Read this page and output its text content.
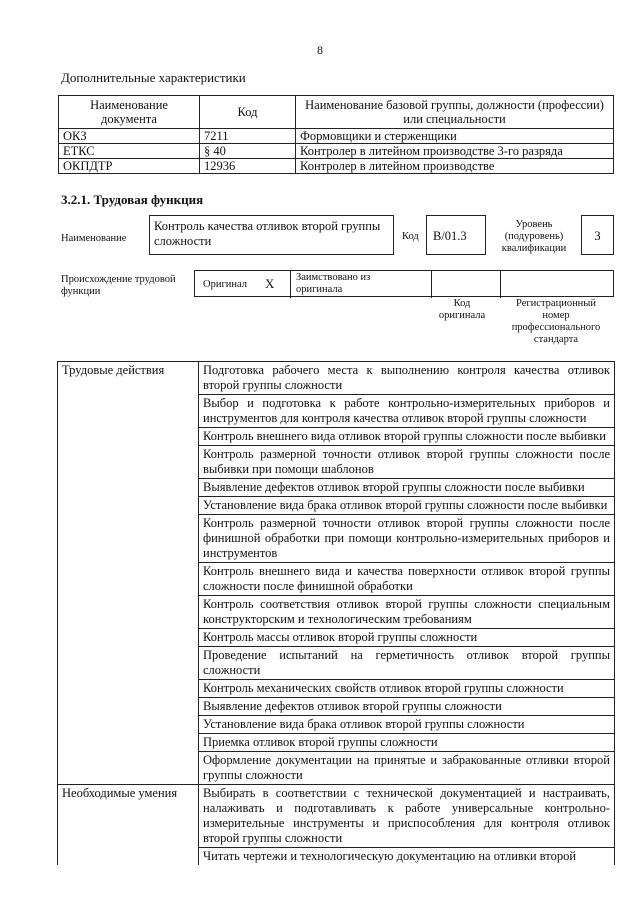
8
Дополнительные характеристики
Наименование документа	Код	Наименование базовой группы, должности (профессии) или специальности
ОКЗ	7211	Формовщики и стерженщики
ЕТКС	§ 40	Контролер в литейном производстве 3-го разряда
ОКПДТР	12936	Контролер в литейном производстве
3.2.1. Трудовая функция
Наименование
Контроль качества отливок второй группы сложности	Код	B/01.3
Уровень (подуровень) квалификации
3
Происхождение трудовой функции
Оригинал X Заимствовано из оригинала
Код оригинала
Регистрационный номер профессионального стандарта
Трудовые действия	Подготовка рабочего места к выполнению контроля качества отливок второй группы сложности
	Выбор и подготовка к работе контрольно-измерительных приборов и инструментов для контроля качества отливок второй группы сложности
	Контроль внешнего вида отливок второй группы сложности после выбивки
	Контроль размерной точности отливок второй группы сложности после выбивки при помощи шаблонов
	Выявление дефектов отливок второй группы сложности после выбивки
	Установление вида брака отливок второй группы сложности после выбивки
	Контроль размерной точности отливок второй группы сложности после финишной обработки при помощи контрольно-измерительных приборов и инструментов
	Контроль внешнего вида и качества поверхности отливок второй группы сложности после финишной обработки
	Контроль соответствия отливок второй группы сложности специальным конструкторским и технологическим требованиям
	Контроль массы отливок второй группы сложности
	Проведение испытаний на герметичность отливок второй группы сложности
	Контроль механических свойств отливок второй группы сложности
	Выявление дефектов отливок второй группы сложности
	Установление вида брака отливок второй группы сложности
	Приемка отливок второй группы сложности
	Оформление документации на принятые и забракованные отливки второй группы сложности
Необходимые умения	Выбирать в соответствии с технической документацией и настраивать, налаживать и подготавливать к работе универсальные контрольно-измерительные инструменты и приспособления для контроля отливок второй группы сложности
	Читать чертежи и технологическую документацию на отливки второй
